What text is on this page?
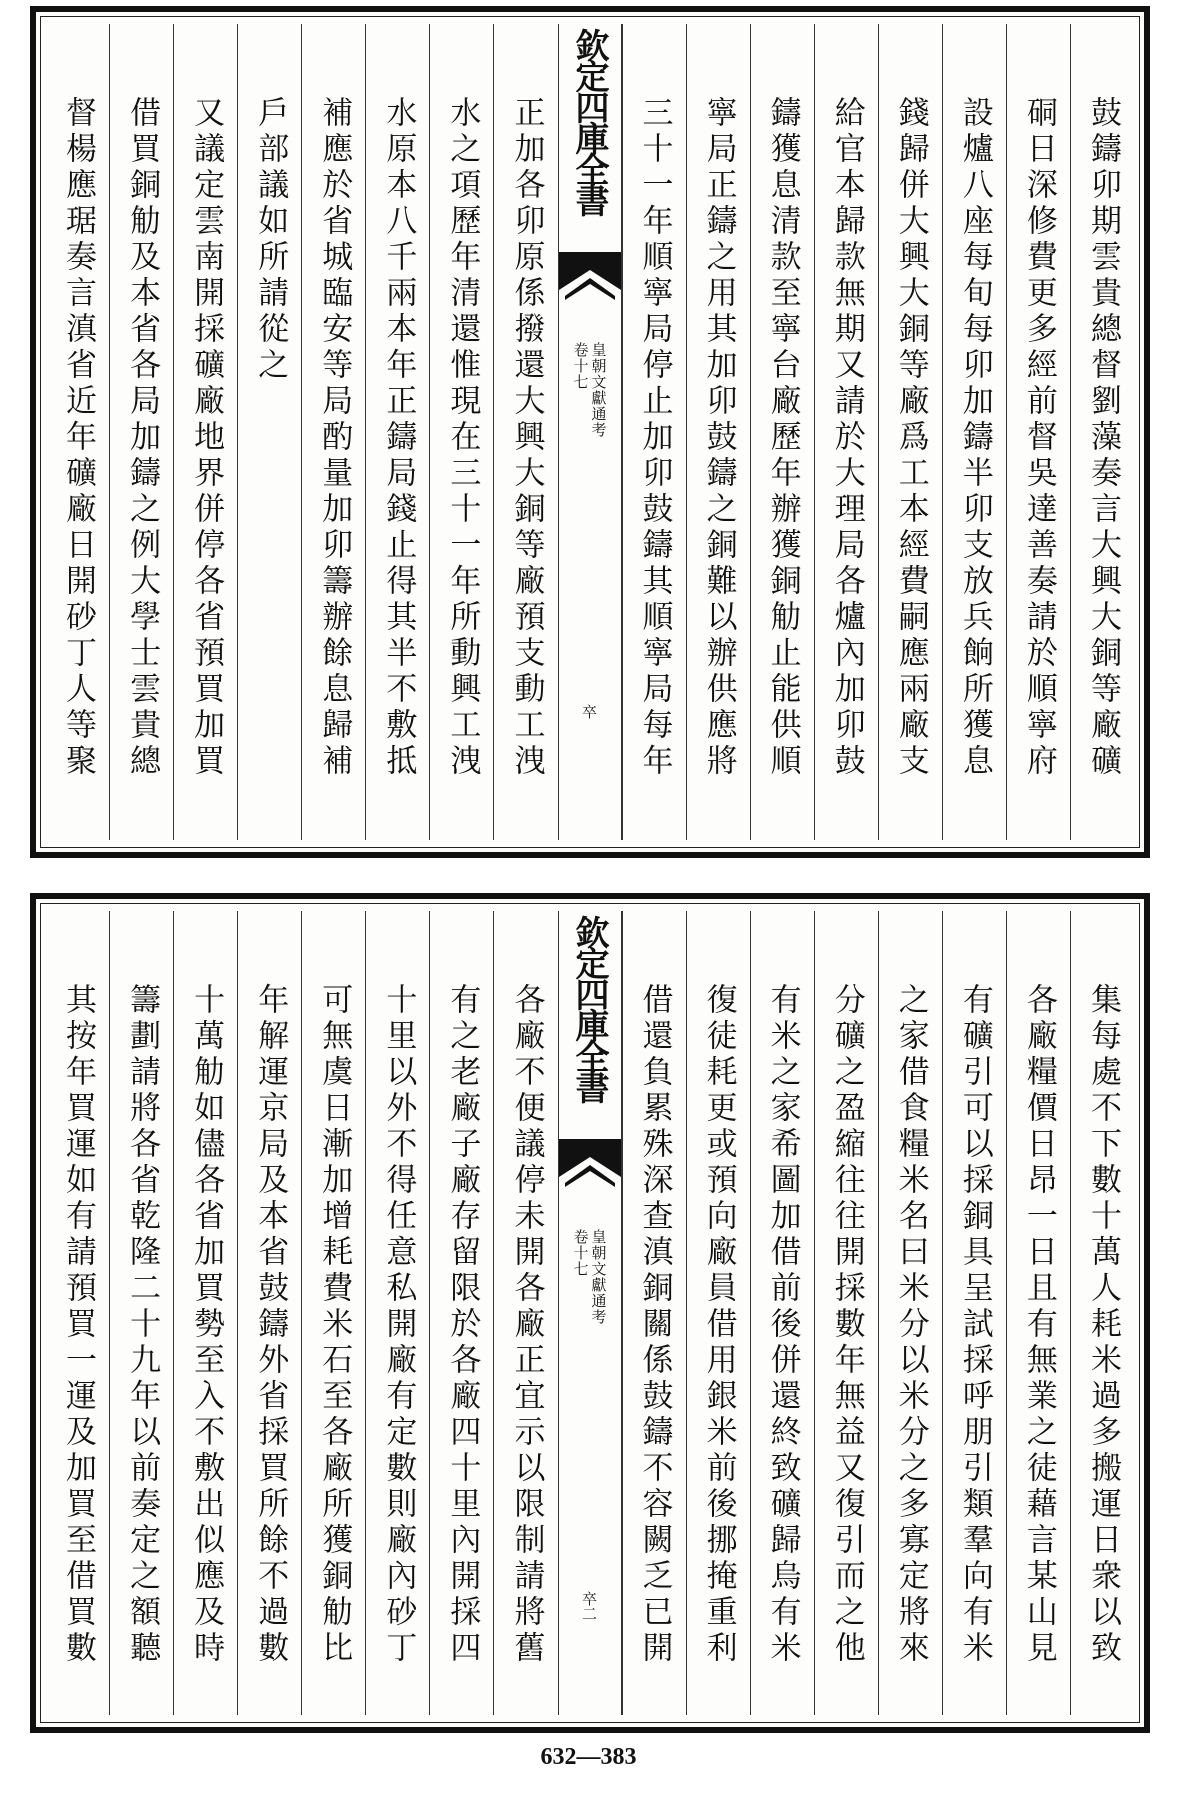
鼓鑄卯期雲貴總督劉藻奏言大興大銅等廠礦
硐日深修費更多經前督吳達善奏請於順寧府
設爐八座每旬每卯加鑄半卯支放兵餉所獲息
錢歸併大興大銅等廠爲工本經費嗣應兩廠支
給官本歸款無期又請於大理局各爐內加卯鼓
鑄獲息清款至寧台廠歷年辦獲銅觔止能供順
寧局正鑄之用其加卯鼓鑄之銅難以辦供應將
三十一年順寧局停止加卯鼓鑄其順寧局每年
欽定四庫全書
皇朝文獻通考
卷十七
卒
正加各卯原係撥還大興大銅等廠預支動工洩
水之項歷年清還惟現在三十一年所動興工洩
水原本八千兩本年正鑄局錢止得其半不敷抵
補應於省城臨安等局酌量加卯籌辦餘息歸補
戶部議如所請從之
又議定雲南開採礦廠地界併停各省預買加買
借買銅觔及本省各局加鑄之例大學士雲貴總
督楊應琚奏言滇省近年礦廠日開砂丁人等聚
集每處不下數十萬人耗米過多搬運日衆以致
各廠糧價日昂一日且有無業之徒藉言某山見
有礦引可以採銅具呈試採呼朋引類羣向有米
之家借食糧米名曰米分以米分之多寡定將來
分礦之盈縮往往開採數年無益又復引而之他
有米之家希圖加借前後併還終致礦歸烏有米
復徒耗更或預向廠員借用銀米前後挪掩重利
借還負累殊深查滇銅關係鼓鑄不容闕乏已開
欽定四庫全書
皇朝文獻通考
卷十七
卒二
各廠不便議停未開各廠正宜示以限制請將舊
有之老廠子廠存留限於各廠四十里內開採四
十里以外不得任意私開廠有定數則廠內砂丁
可無虞日漸加增耗費米石至各廠所獲銅觔比
年解運京局及本省鼓鑄外省採買所餘不過數
十萬觔如儘各省加買勢至入不敷出似應及時
籌劃請將各省乾隆二十九年以前奏定之額聽
其按年買運如有請預買一運及加買至借買數
632—383
